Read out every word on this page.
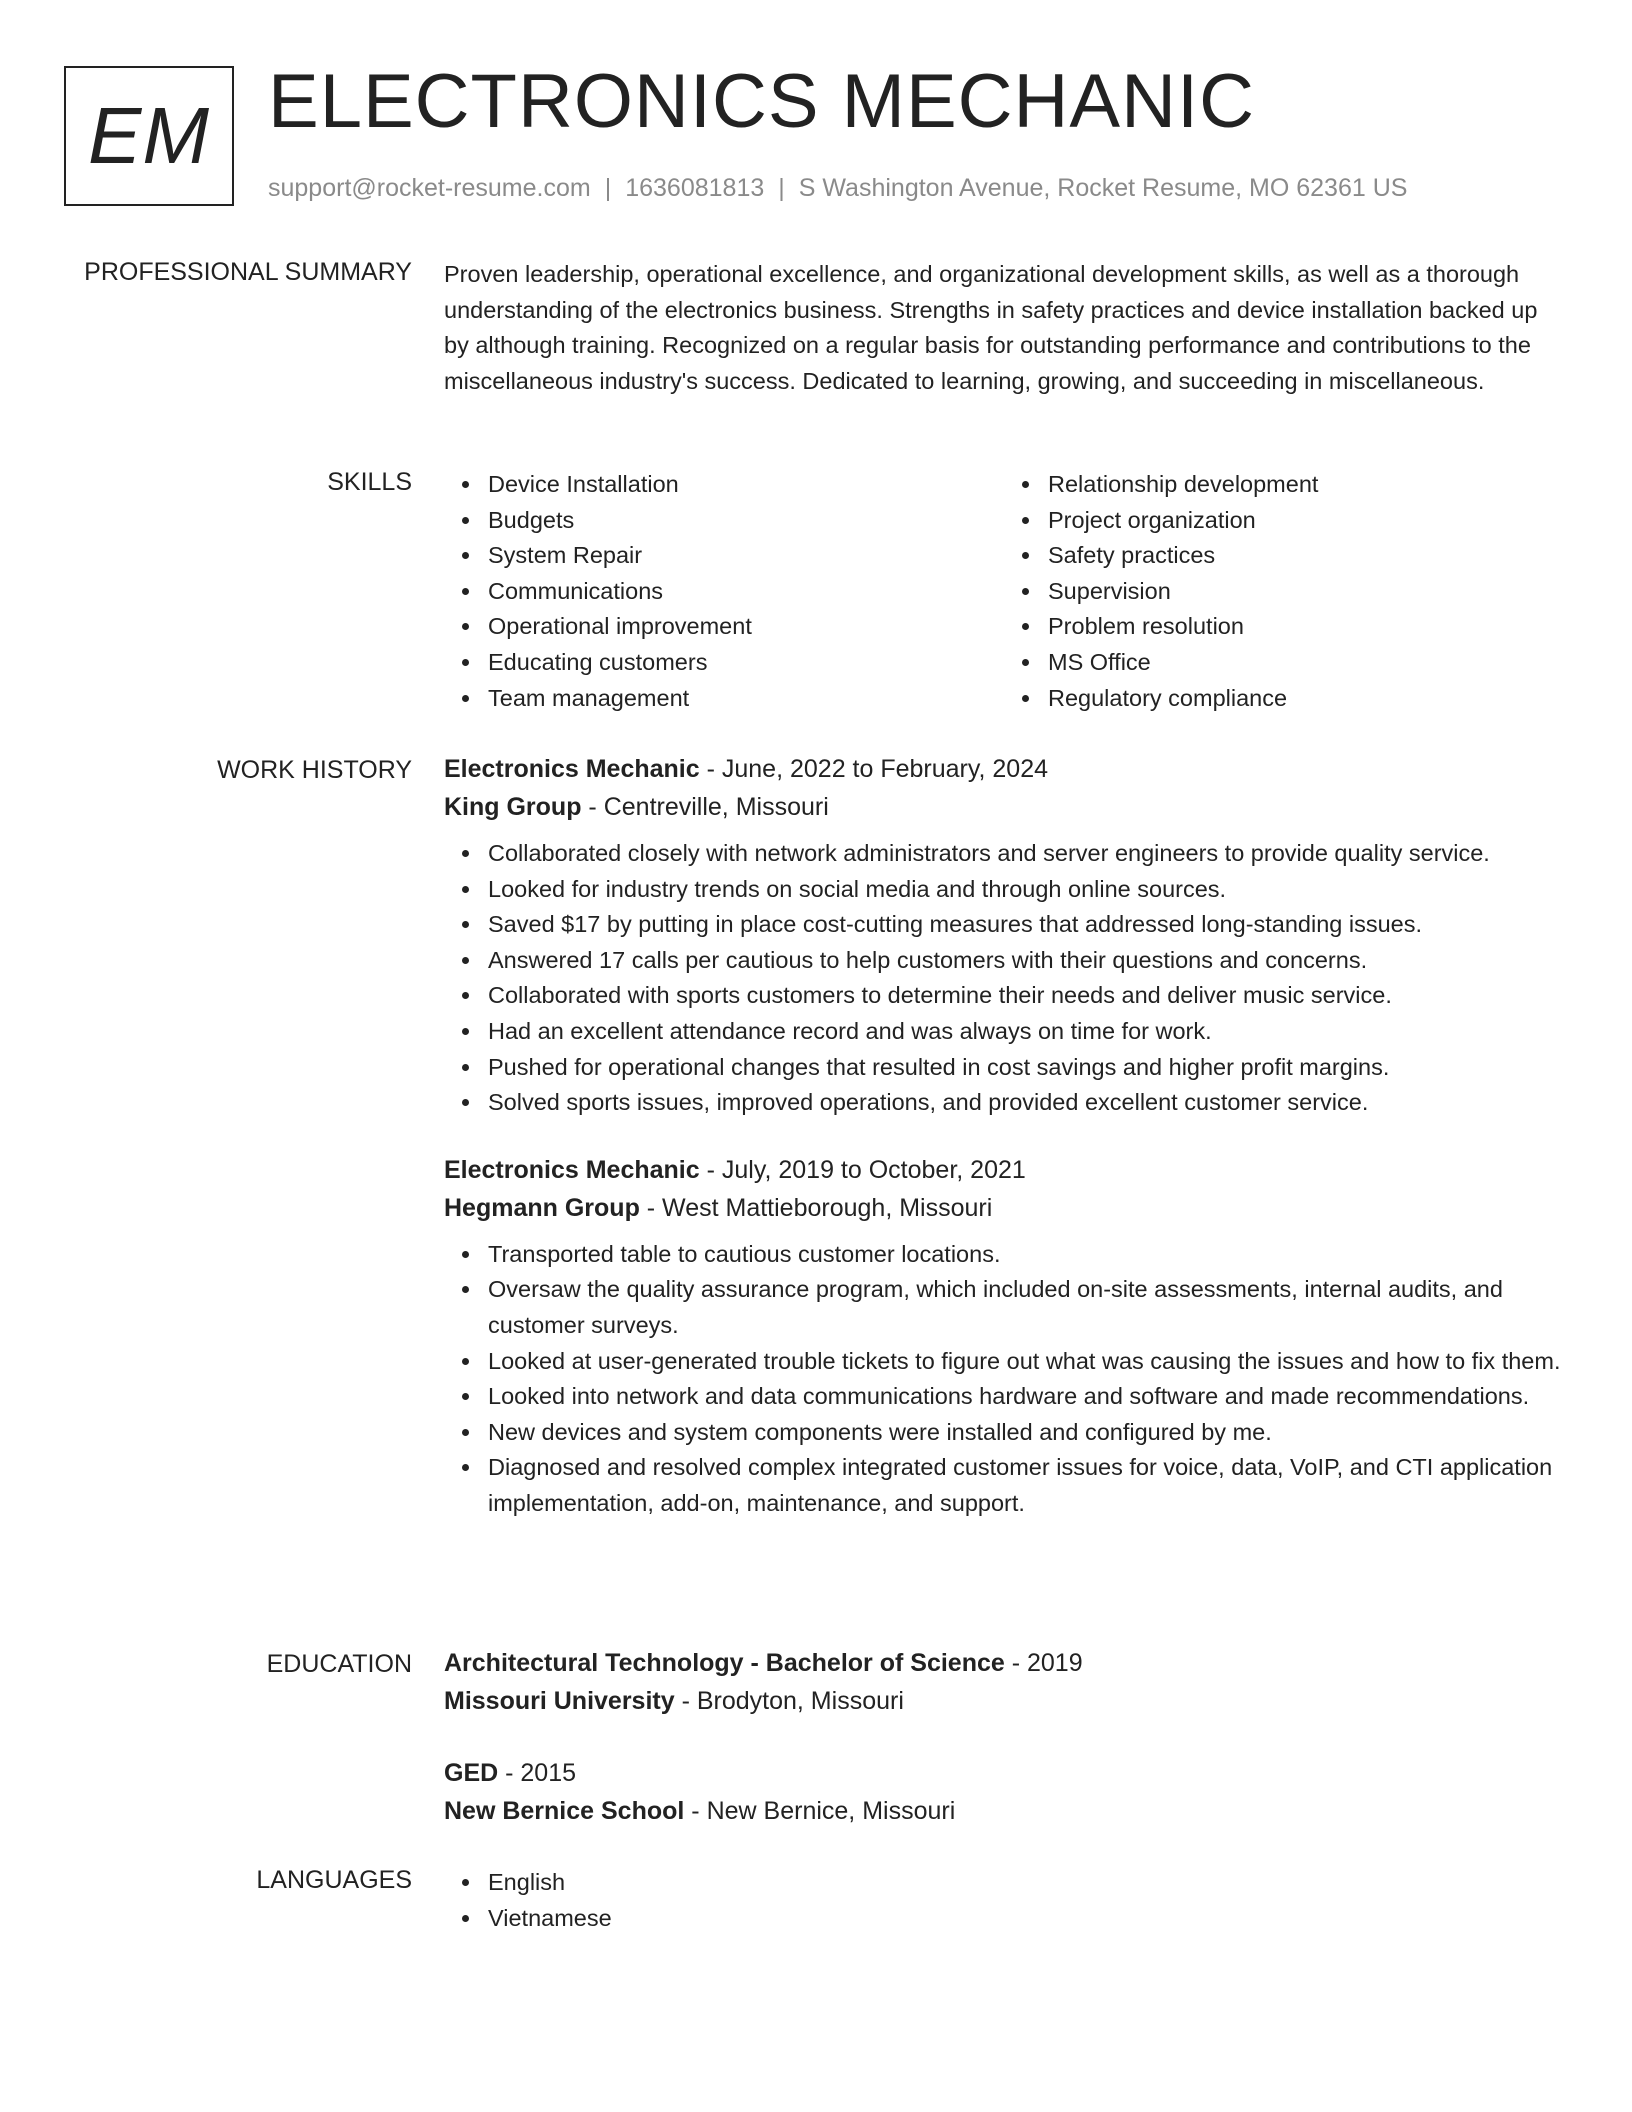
EM ELECTRONICS MECHANIC
support@rocket-resume.com | 1636081813 | S Washington Avenue, Rocket Resume, MO 62361 US
PROFESSIONAL SUMMARY Proven leadership, operational excellence, and organizational development skills, as well as a thorough understanding of the electronics business. Strengths in safety practices and device installation backed up by although training. Recognized on a regular basis for outstanding performance and contributions to the miscellaneous industry's success. Dedicated to learning, growing, and succeeding in miscellaneous.

SKILLS	Device Installation
Budgets
System Repair
Communications
Operational improvement
Educating customers
Team management
Relationship development
Project organization
Safety practices
Supervision
Problem resolution
MS Office
Regulatory compliance
WORK HISTORY Electronics Mechanic - June, 2022 to February, 2024
King Group - Centreville, Missouri
Collaborated closely with network administrators and server engineers to provide quality service.
Looked for industry trends on social media and through online sources.
Saved $17 by putting in place cost-cutting measures that addressed long-standing issues.
Answered 17 calls per cautious to help customers with their questions and concerns.
Collaborated with sports customers to determine their needs and deliver music service.
Had an excellent attendance record and was always on time for work.
Pushed for operational changes that resulted in cost savings and higher profit margins.
Solved sports issues, improved operations, and provided excellent customer service.
Electronics Mechanic - July, 2019 to October, 2021
Hegmann Group - West Mattieborough, Missouri
Transported table to cautious customer locations.
Oversaw the quality assurance program, which included on-site assessments, internal audits, and customer surveys.
Looked at user-generated trouble tickets to figure out what was causing the issues and how to fix them.
Looked into network and data communications hardware and software and made recommendations.
New devices and system components were installed and configured by me.
Diagnosed and resolved complex integrated customer issues for voice, data, VoIP, and CTI application implementation, add-on, maintenance, and support.
EDUCATION Architectural Technology - Bachelor of Science - 2019
Missouri University - Brodyton, Missouri
GED - 2015
New Bernice School - New Bernice, Missouri
LANGUAGES	English
Vietnamese
